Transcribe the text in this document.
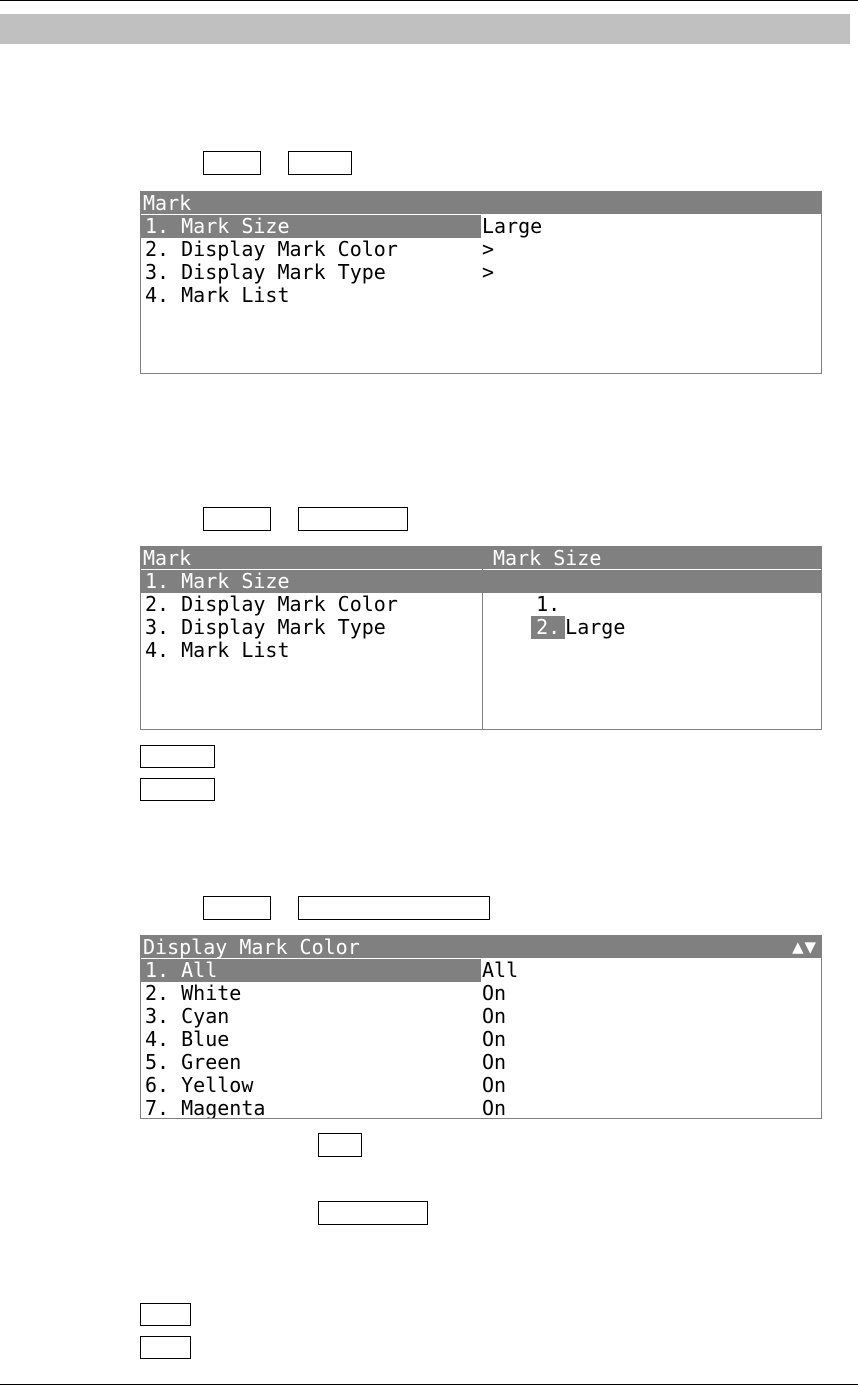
Mark
1. Mark Size	Large
2. Display Mark Color	>
3. Display Mark Type	>
4. Mark List
Mark	Mark Size
1. Mark Size
2. Display Mark Color
3. Display Mark Type
4. Mark List

1. Small

2. Large

Display Mark Color	▲▼
1. All	All
2. White	On
3. Cyan	On
4. Blue	On
5. Green	On
6. Yellow	On
7. Magenta	On
